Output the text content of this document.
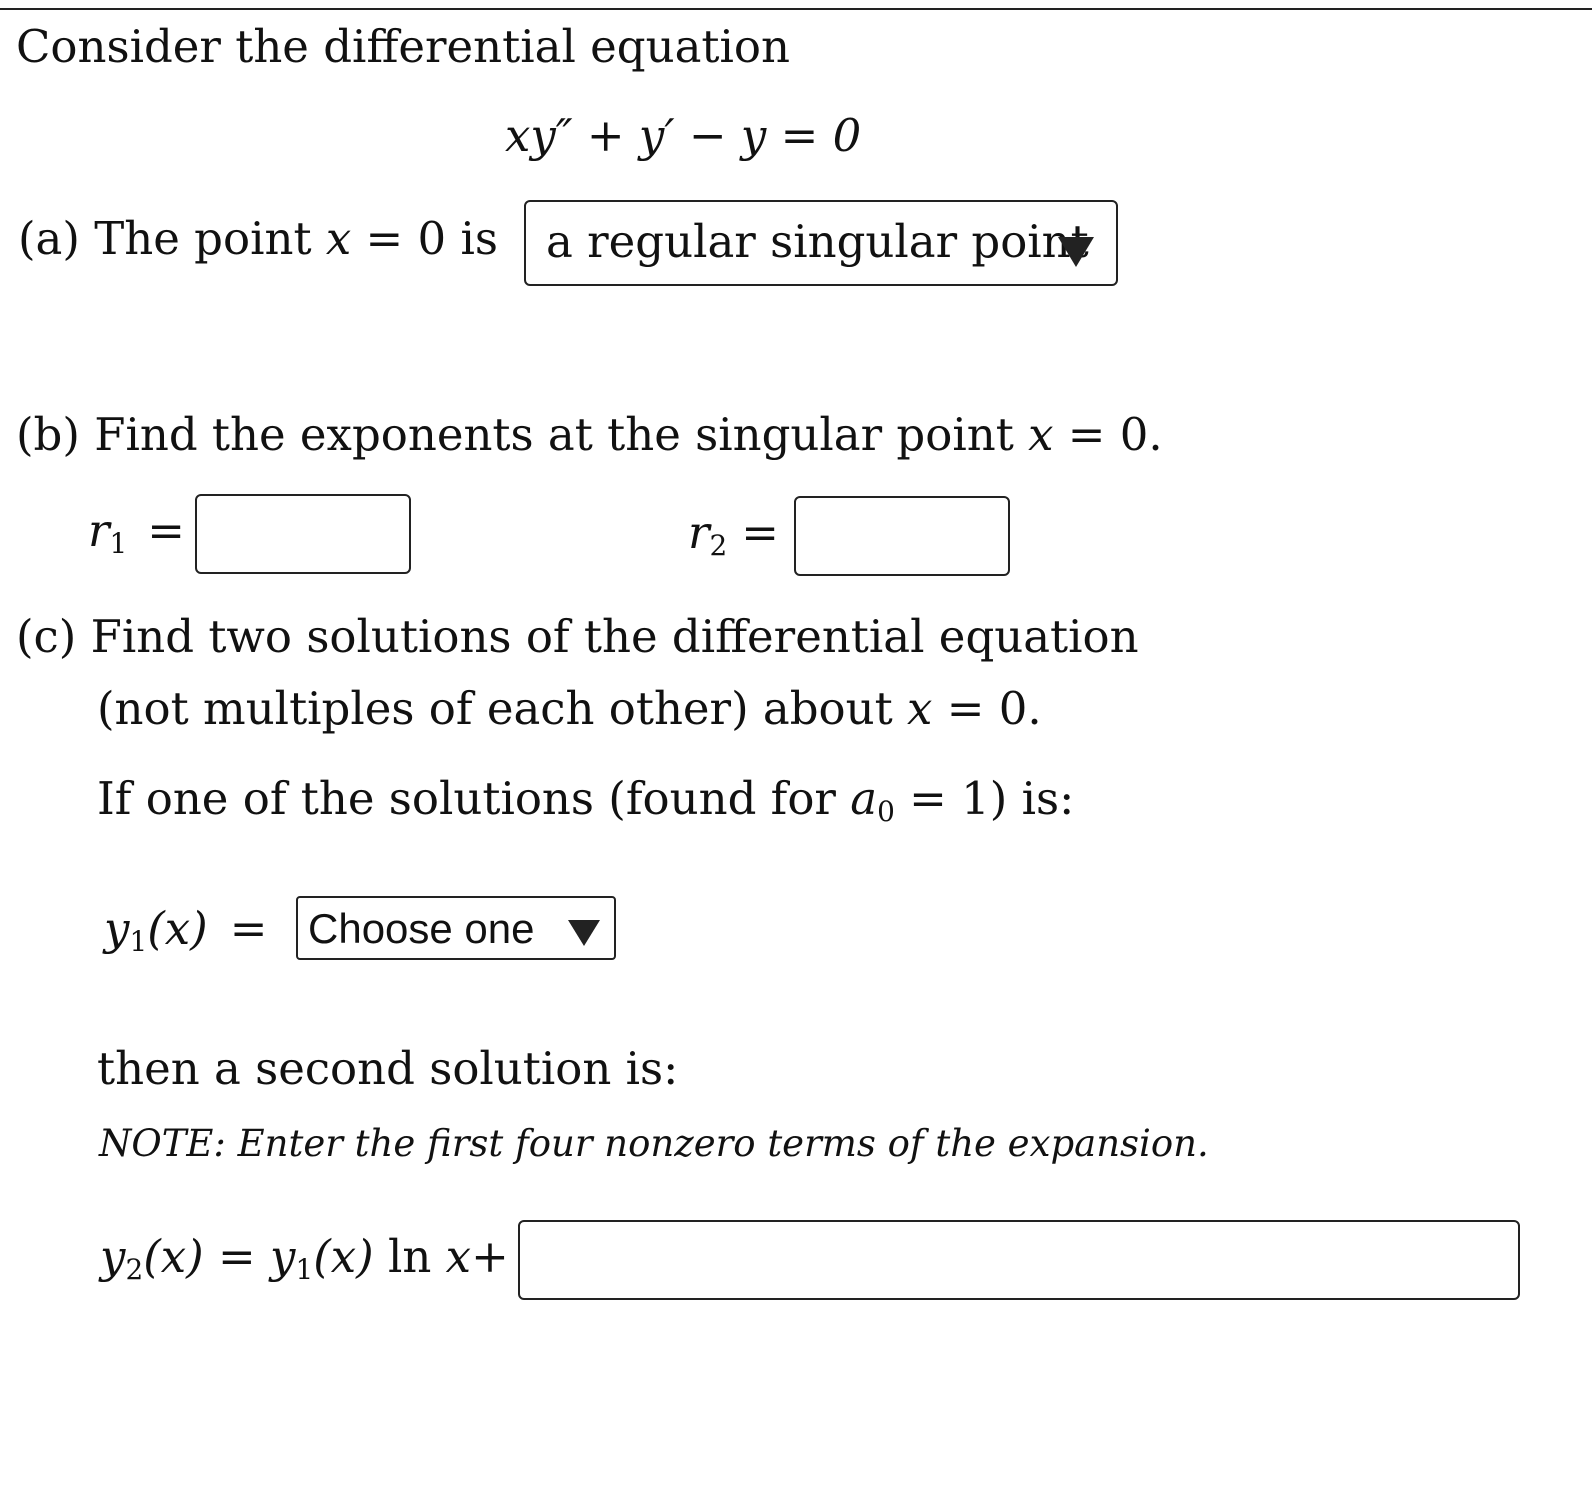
Consider the differential equation
xy″ + y′ − y = 0
(a) The point x = 0 is a regular singular point
(b) Find the exponents at the singular point x = 0.
$r_1$ =	$r_2$ =
(c) Find two solutions of the differential equation
(not multiples of each other) about x = 0.
If one of the solutions (found for $a_0 = 1$) is:
$y_1(x)$ = Choose one
then a second solution is:
NOTE: Enter the first four nonzero terms of the expansion.
$y_2(x) = y_1(x)$ ln x+
